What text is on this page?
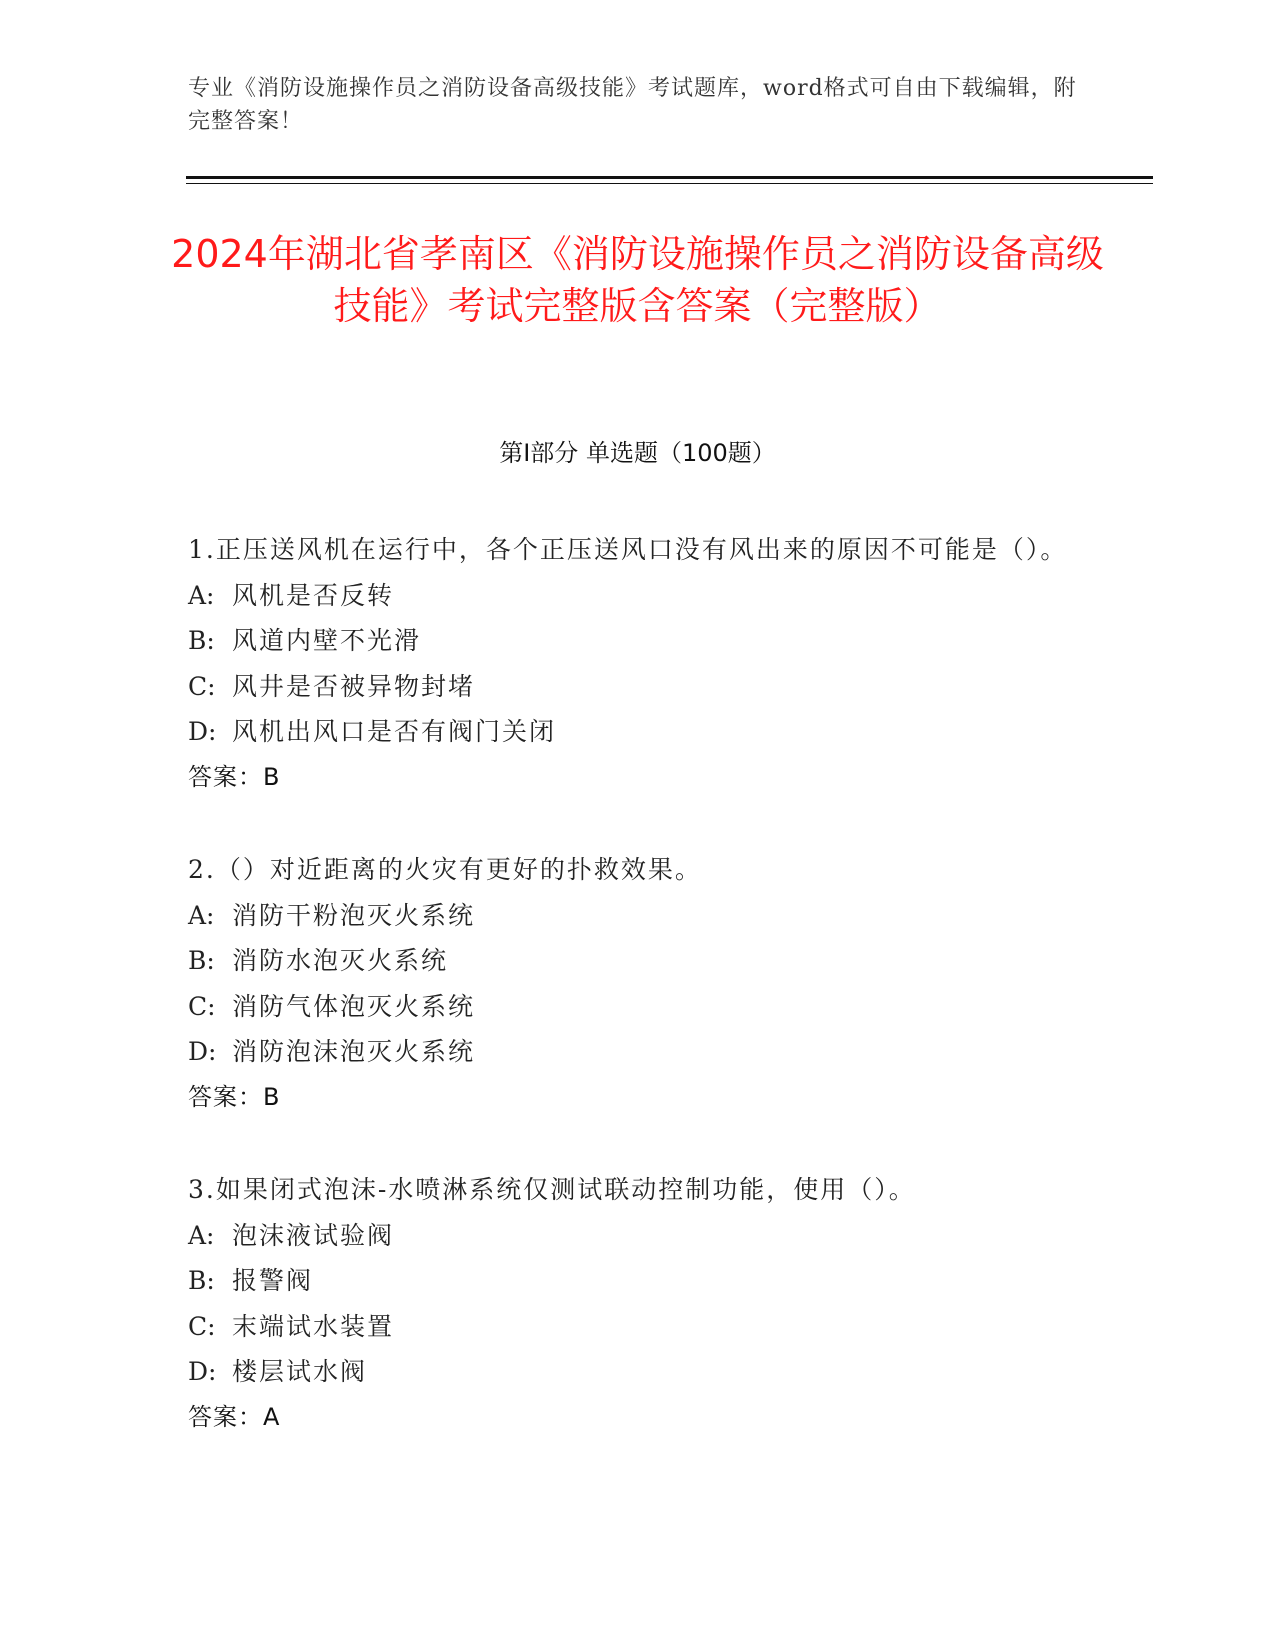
专业《消防设施操作员之消防设备高级技能》考试题库，word格式可自由下载编辑，附完整答案！
2024年湖北省孝南区《消防设施操作员之消防设备高级技能》考试完整版含答案（完整版）
第I部分 单选题（100题）
1.正压送风机在运行中，各个正压送风口没有风出来的原因不可能是（）。
A: 风机是否反转
B: 风道内壁不光滑
C: 风井是否被异物封堵
D: 风机出风口是否有阀门关闭
答案：B
2.（）对近距离的火灾有更好的扑救效果。
A: 消防干粉泡灭火系统
B: 消防水泡灭火系统
C: 消防气体泡灭火系统
D: 消防泡沫泡灭火系统
答案：B
3.如果闭式泡沫-水喷淋系统仅测试联动控制功能，使用（）。
A: 泡沫液试验阀
B: 报警阀
C: 末端试水装置
D: 楼层试水阀
答案：A
